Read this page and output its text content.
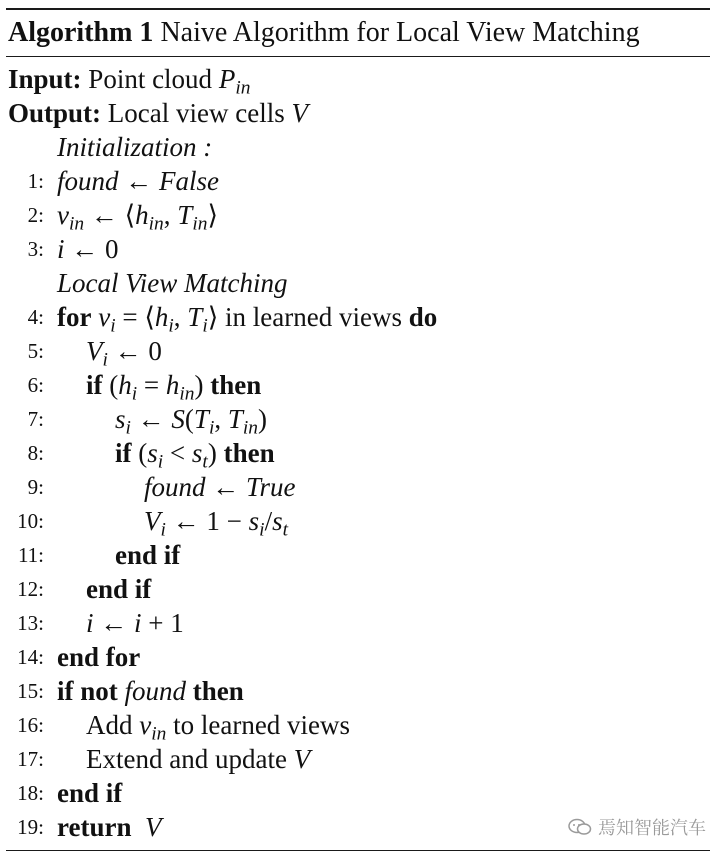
Algorithm 1 Naive Algorithm for Local View Matching
Input: Point cloud $P_{in}$
Output: Local view cells V
Initialization :
1: found ← False
2: $v_{in}$ ← $⟨h_{in}$, $T_{in}⟩$
3: i ← 0
Local View Matching
4: for $v_i$ = $⟨h_i$, $T_i⟩$ in learned views do
5: $V_i$ ← 0
6: if $(h_i = h_{in})$ then
7:	$s_i$ ← $S(T_i$, $T_{in}$)
8:	if $(s_i < s_t)$ then
9:	found ← True
10:	$V_i$ ← $1 - s_i/s_t$
11:	end if
12: end if
13: i ← i + 1
14: end for
15: if not found then
16: Add $v_{in}$ to learned views
17: Extend and update V
18: end if
19: return V	焉知智能汽车
